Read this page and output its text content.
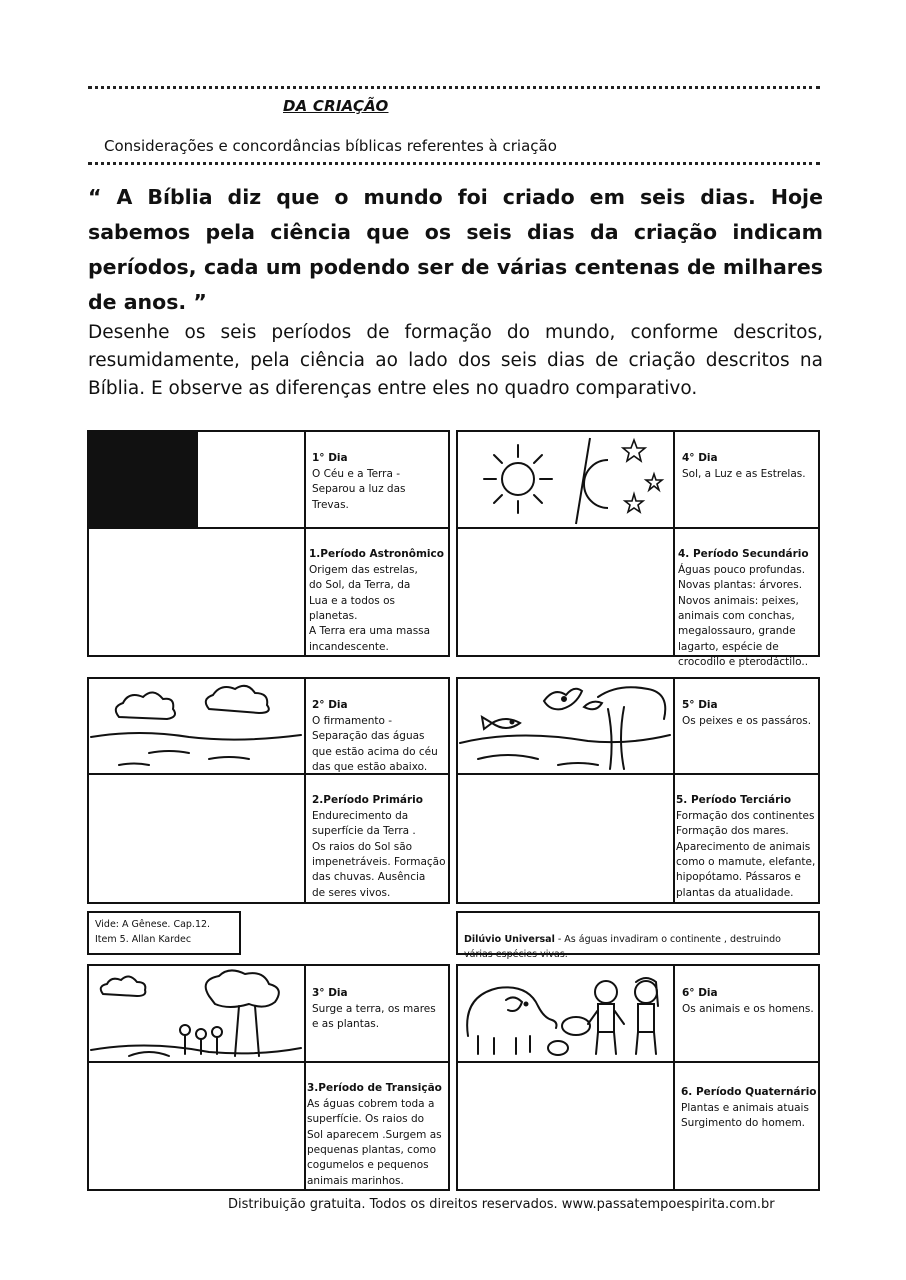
DA CRIAÇÃO
Considerações e concordâncias bíblicas referentes à criação
“ A Bíblia diz que o mundo foi criado em seis dias. Hoje sabemos pela ciência que os seis dias da criação indicam períodos, cada um podendo ser de várias centenas de milhares de anos. ”
Desenhe os seis períodos de formação do mundo, conforme descritos, resumidamente, pela ciência ao lado dos seis dias de criação descritos na Bíblia. E observe as diferenças entre eles no quadro comparativo.

1° Dia
O Céu e a Terra -
Separou a luz das
Trevas.

1.Período Astronômico
Origem das estrelas,
do Sol, da Terra, da
Lua e a todos os
planetas.
A Terra era uma massa
incandescente.

4° Dia
Sol, a Luz e as Estrelas.

4. Período Secundário
Águas pouco profundas.
Novas plantas: árvores.
Novos animais: peixes,
animais com conchas,
megalossauro, grande
lagarto, espécie de
crocodilo e pterodáctilo..

2° Dia
O firmamento -
Separação das águas
que estão acima do céu
das que estão abaixo.

2.Período Primário
Endurecimento da
superfície da Terra .
Os raios do Sol são
impenetráveis. Formação
das chuvas. Ausência
de seres vivos.

5° Dia
Os peixes e os passáros.

5. Período Terciário
Formação dos continentes
Formação dos mares.
Aparecimento de animais
como o mamute, elefante,
hipopótamo. Pássaros e
plantas da atualidade.

Vide: A Gênese. Cap.12.
Item 5. Allan Kardec	Dilúvio Universal - As águas invadiram o continente , destruindo
várias espécies vivas.

3° Dia
Surge a terra, os mares
e as plantas.

3.Período de Transição
As águas cobrem toda a
superfície. Os raios do
Sol aparecem .Surgem as
pequenas plantas, como
cogumelos e pequenos
animais marinhos.

6° Dia
Os animais e os homens.

6. Período Quaternário
Plantas e animais atuais
Surgimento do homem.

Distribuição gratuita. Todos os direitos reservados. www.passatempoespirita.com.br
